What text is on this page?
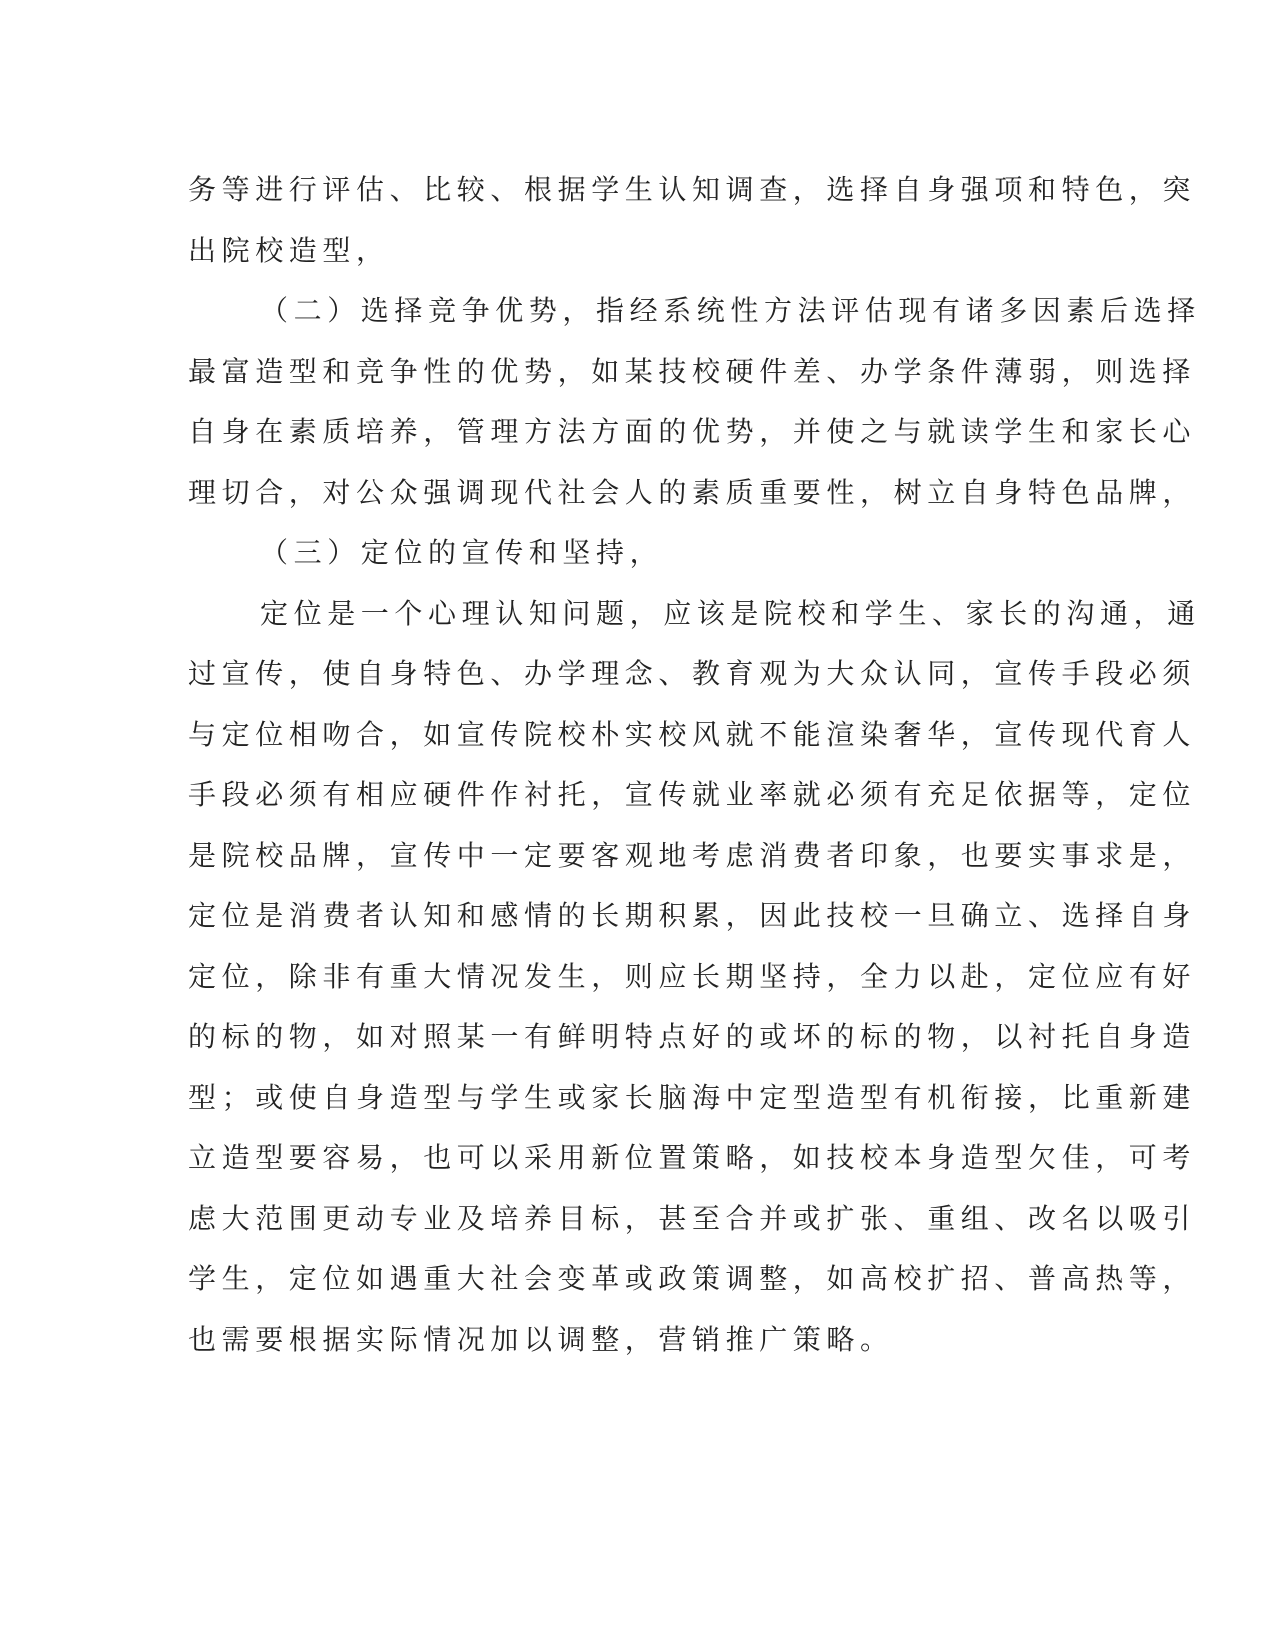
务等进行评估、比较、根据学生认知调查，选择自身强项和特色，突
出院校造型，
（二）选择竞争优势，指经系统性方法评估现有诸多因素后选择
最富造型和竞争性的优势，如某技校硬件差、办学条件薄弱，则选择
自身在素质培养，管理方法方面的优势，并使之与就读学生和家长心
理切合，对公众强调现代社会人的素质重要性，树立自身特色品牌，
（三）定位的宣传和坚持，
定位是一个心理认知问题，应该是院校和学生、家长的沟通，通
过宣传，使自身特色、办学理念、教育观为大众认同，宣传手段必须
与定位相吻合，如宣传院校朴实校风就不能渲染奢华，宣传现代育人
手段必须有相应硬件作衬托，宣传就业率就必须有充足依据等，定位
是院校品牌，宣传中一定要客观地考虑消费者印象，也要实事求是，
定位是消费者认知和感情的长期积累，因此技校一旦确立、选择自身
定位，除非有重大情况发生，则应长期坚持，全力以赴，定位应有好
的标的物，如对照某一有鲜明特点好的或坏的标的物，以衬托自身造
型；或使自身造型与学生或家长脑海中定型造型有机衔接，比重新建
立造型要容易，也可以采用新位置策略，如技校本身造型欠佳，可考
虑大范围更动专业及培养目标，甚至合并或扩张、重组、改名以吸引
学生，定位如遇重大社会变革或政策调整，如高校扩招、普高热等，
也需要根据实际情况加以调整，营销推广策略。
